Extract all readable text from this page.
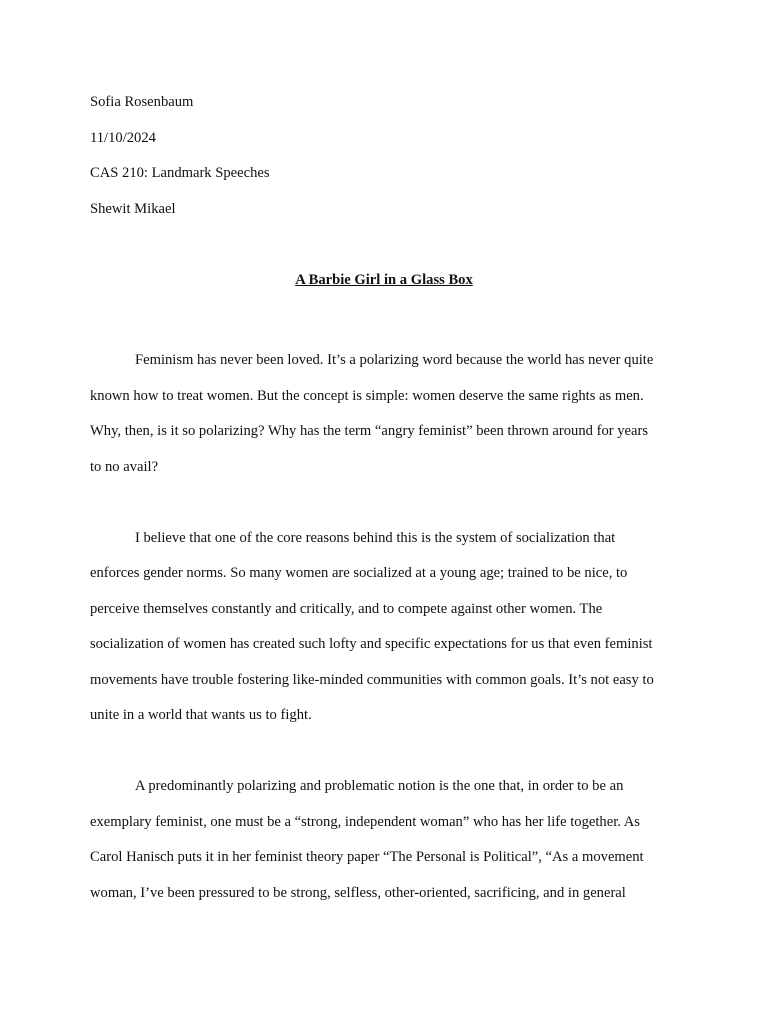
Sofia Rosenbaum

11/10/2024

CAS 210: Landmark Speeches

Shewit Mikael

A Barbie Girl in a Glass Box

Feminism has never been loved. It’s a polarizing word because the world has never quite
known how to treat women. But the concept is simple: women deserve the same rights as men.
Why, then, is it so polarizing? Why has the term “angry feminist” been thrown around for years
to no avail?

I believe that one of the core reasons behind this is the system of socialization that
enforces gender norms. So many women are socialized at a young age; trained to be nice, to
perceive themselves constantly and critically, and to compete against other women. The
socialization of women has created such lofty and specific expectations for us that even feminist
movements have trouble fostering like-minded communities with common goals. It’s not easy to
unite in a world that wants us to fight.

A predominantly polarizing and problematic notion is the one that, in order to be an
exemplary feminist, one must be a “strong, independent woman” who has her life together. As
Carol Hanisch puts it in her feminist theory paper “The Personal is Political”, “As a movement
woman, I’ve been pressured to be strong, selfless, other-oriented, sacrificing, and in general
